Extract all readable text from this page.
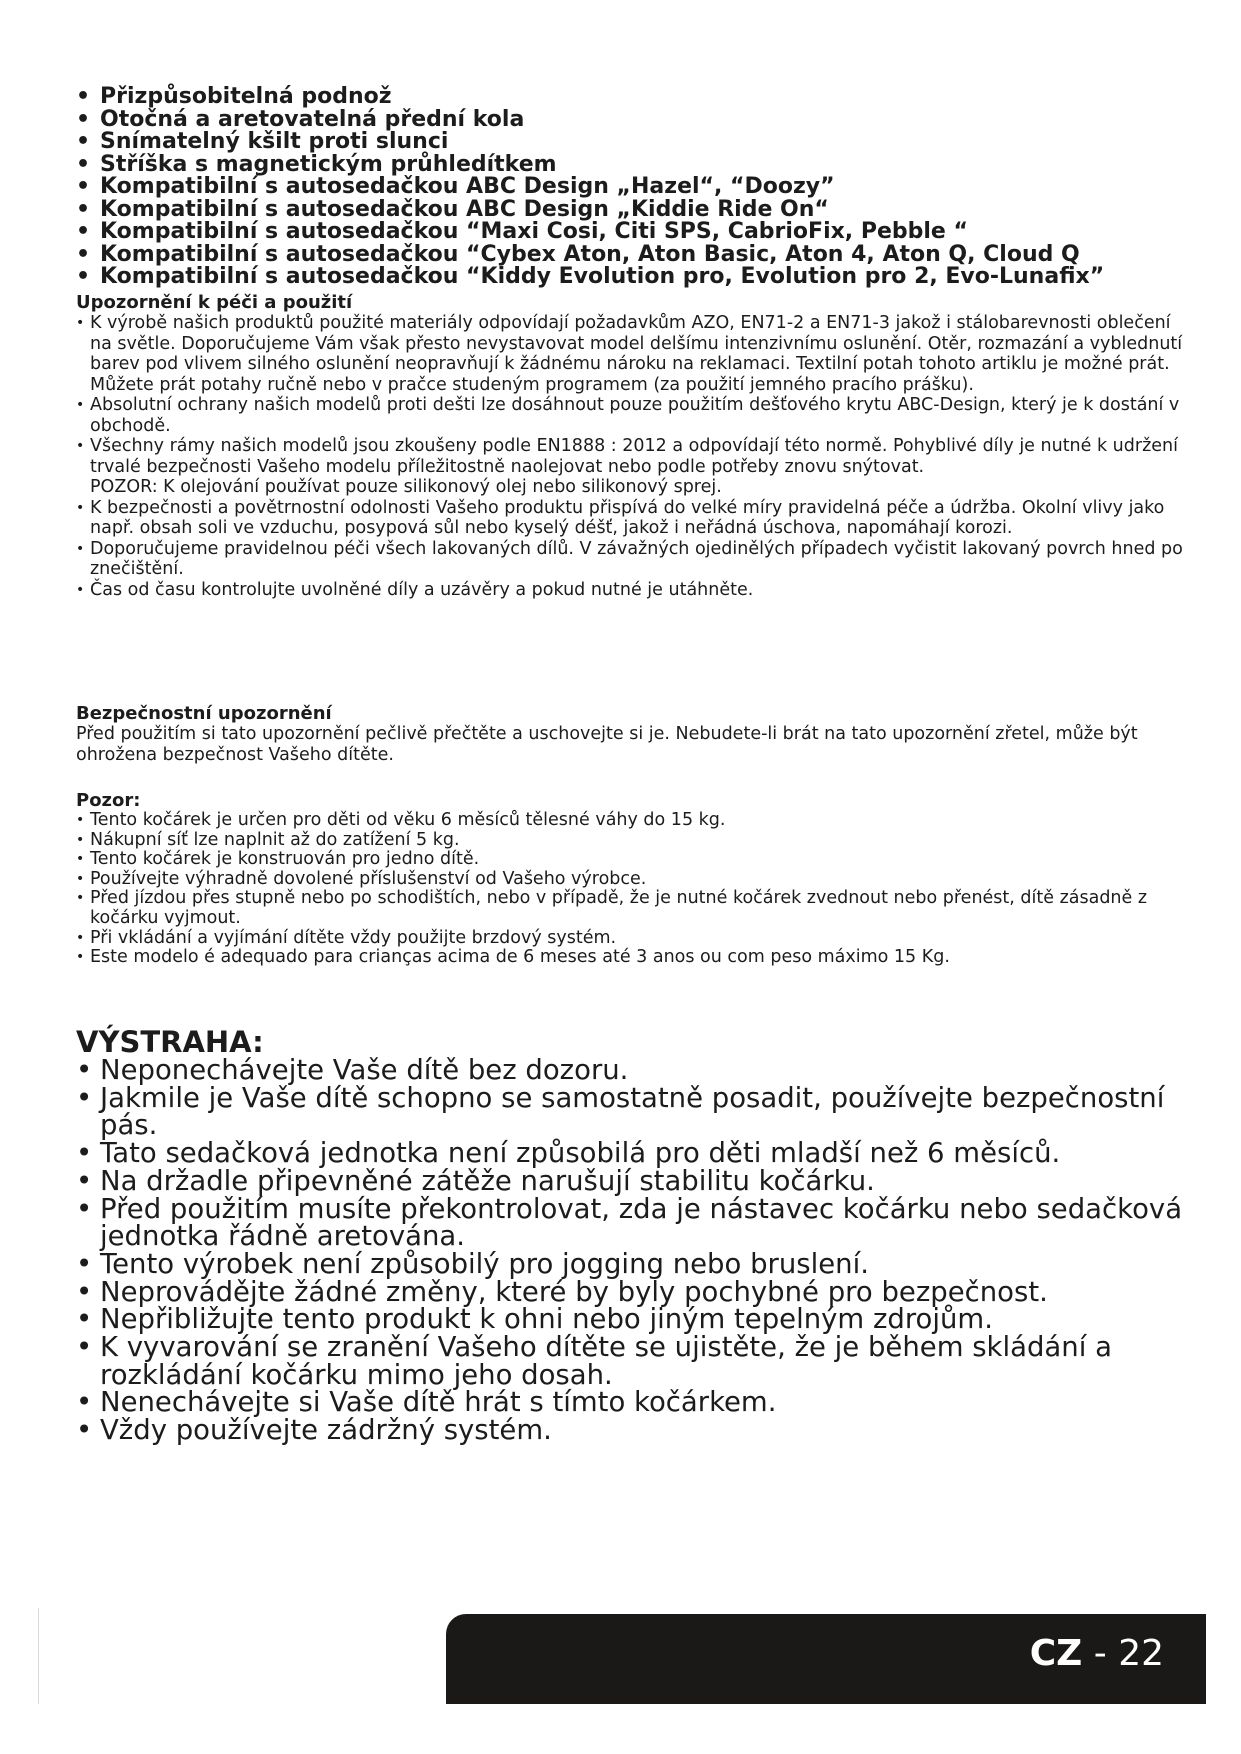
• Přizpůsobitelná podnož
• Otočná a aretovatelná přední kola
• Snímatelný kšilt proti slunci
• Stříška s magnetickým průhledítkem
• Kompatibilní s autosedačkou ABC Design „Hazel“, “Doozy”
• Kompatibilní s autosedačkou ABC Design „Kiddie Ride On“
• Kompatibilní s autosedačkou “Maxi Cosi, Citi SPS, CabrioFix, Pebble “
• Kompatibilní s autosedačkou “Cybex Aton, Aton Basic, Aton 4, Aton Q, Cloud Q
• Kompatibilní s autosedačkou “Kiddy Evolution pro, Evolution pro 2, Evo-Lunafix”
Upozornění k péči a použití
• K výrobě našich produktů použité materiály odpovídají požadavkům AZO, EN71-2 a EN71-3 jakož i stálobarevnosti oblečení na světle. Doporučujeme Vám však přesto nevystavovat model delšímu intenzivnímu oslunění. Otěr, rozmazání a vyblednutí barev pod vlivem silného oslunění neopravňují k žádnému nároku na reklamaci. Textilní potah tohoto artiklu je možné prát. Můžete prát potahy ručně nebo v pračce studeným programem (za použití jemného pracího prášku).
• Absolutní ochrany našich modelů proti dešti lze dosáhnout pouze použitím dešťového krytu ABC-Design, který je k dostání v obchodě.
• Všechny rámy našich modelů jsou zkoušeny podle EN1888 : 2012 a odpovídají této normě. Pohyblivé díly je nutné k udržení trvalé bezpečnosti Vašeho modelu příležitostně naolejovat nebo podle potřeby znovu snýtovat.
POZOR: K olejování používat pouze silikonový olej nebo silikonový sprej.
• K bezpečnosti a povětrnostní odolnosti Vašeho produktu přispívá do velké míry pravidelná péče a údržba. Okolní vlivy jako např. obsah soli ve vzduchu, posypová sůl nebo kyselý déšť, jakož i neřádná úschova, napomáhají korozi.
• Doporučujeme pravidelnou péči všech lakovaných dílů. V závažných ojedinělých případech vyčistit lakovaný povrch hned po znečištění.
• Čas od času kontrolujte uvolněné díly a uzávěry a pokud nutné je utáhněte.
Bezpečnostní upozornění
Před použitím si tato upozornění pečlivě přečtěte a uschovejte si je. Nebudete-li brát na tato upozornění zřetel, může být ohrožena bezpečnost Vašeho dítěte.
Pozor:
• Tento kočárek je určen pro děti od věku 6 měsíců tělesné váhy do 15 kg.
• Nákupní síť lze naplnit až do zatížení 5 kg.
• Tento kočárek je konstruován pro jedno dítě.
• Používejte výhradně dovolené příslušenství od Vašeho výrobce.
• Před jízdou přes stupně nebo po schodištích, nebo v případě, že je nutné kočárek zvednout nebo přenést, dítě zásadně z kočárku vyjmout.
• Při vkládání a vyjímání dítěte vždy použijte brzdový systém.
• Este modelo é adequado para crianças acima de 6 meses até 3 anos ou com peso máximo 15 Kg.
VÝSTRAHA:
• Neponechávejte Vaše dítě bez dozoru.
• Jakmile je Vaše dítě schopno se samostatně posadit, používejte bezpečnostní pás.
• Tato sedačková jednotka není způsobilá pro děti mladší než 6 měsíců.
• Na držadle připevněné zátěže narušují stabilitu kočárku.
• Před použitím musíte překontrolovat, zda je nástavec kočárku nebo sedačková jednotka řádně aretována.
• Tento výrobek není způsobilý pro jogging nebo bruslení.
• Neprovádějte žádné změny, které by byly pochybné pro bezpečnost.
• Nepřibližujte tento produkt k ohni nebo jiným tepelným zdrojům.
• K vyvarování se zranění Vašeho dítěte se ujistěte, že je během skládání a rozkládání kočárku mimo jeho dosah.
• Nenechávejte si Vaše dítě hrát s tímto kočárkem.
• Vždy používejte zádržný systém.
CZ - 22
